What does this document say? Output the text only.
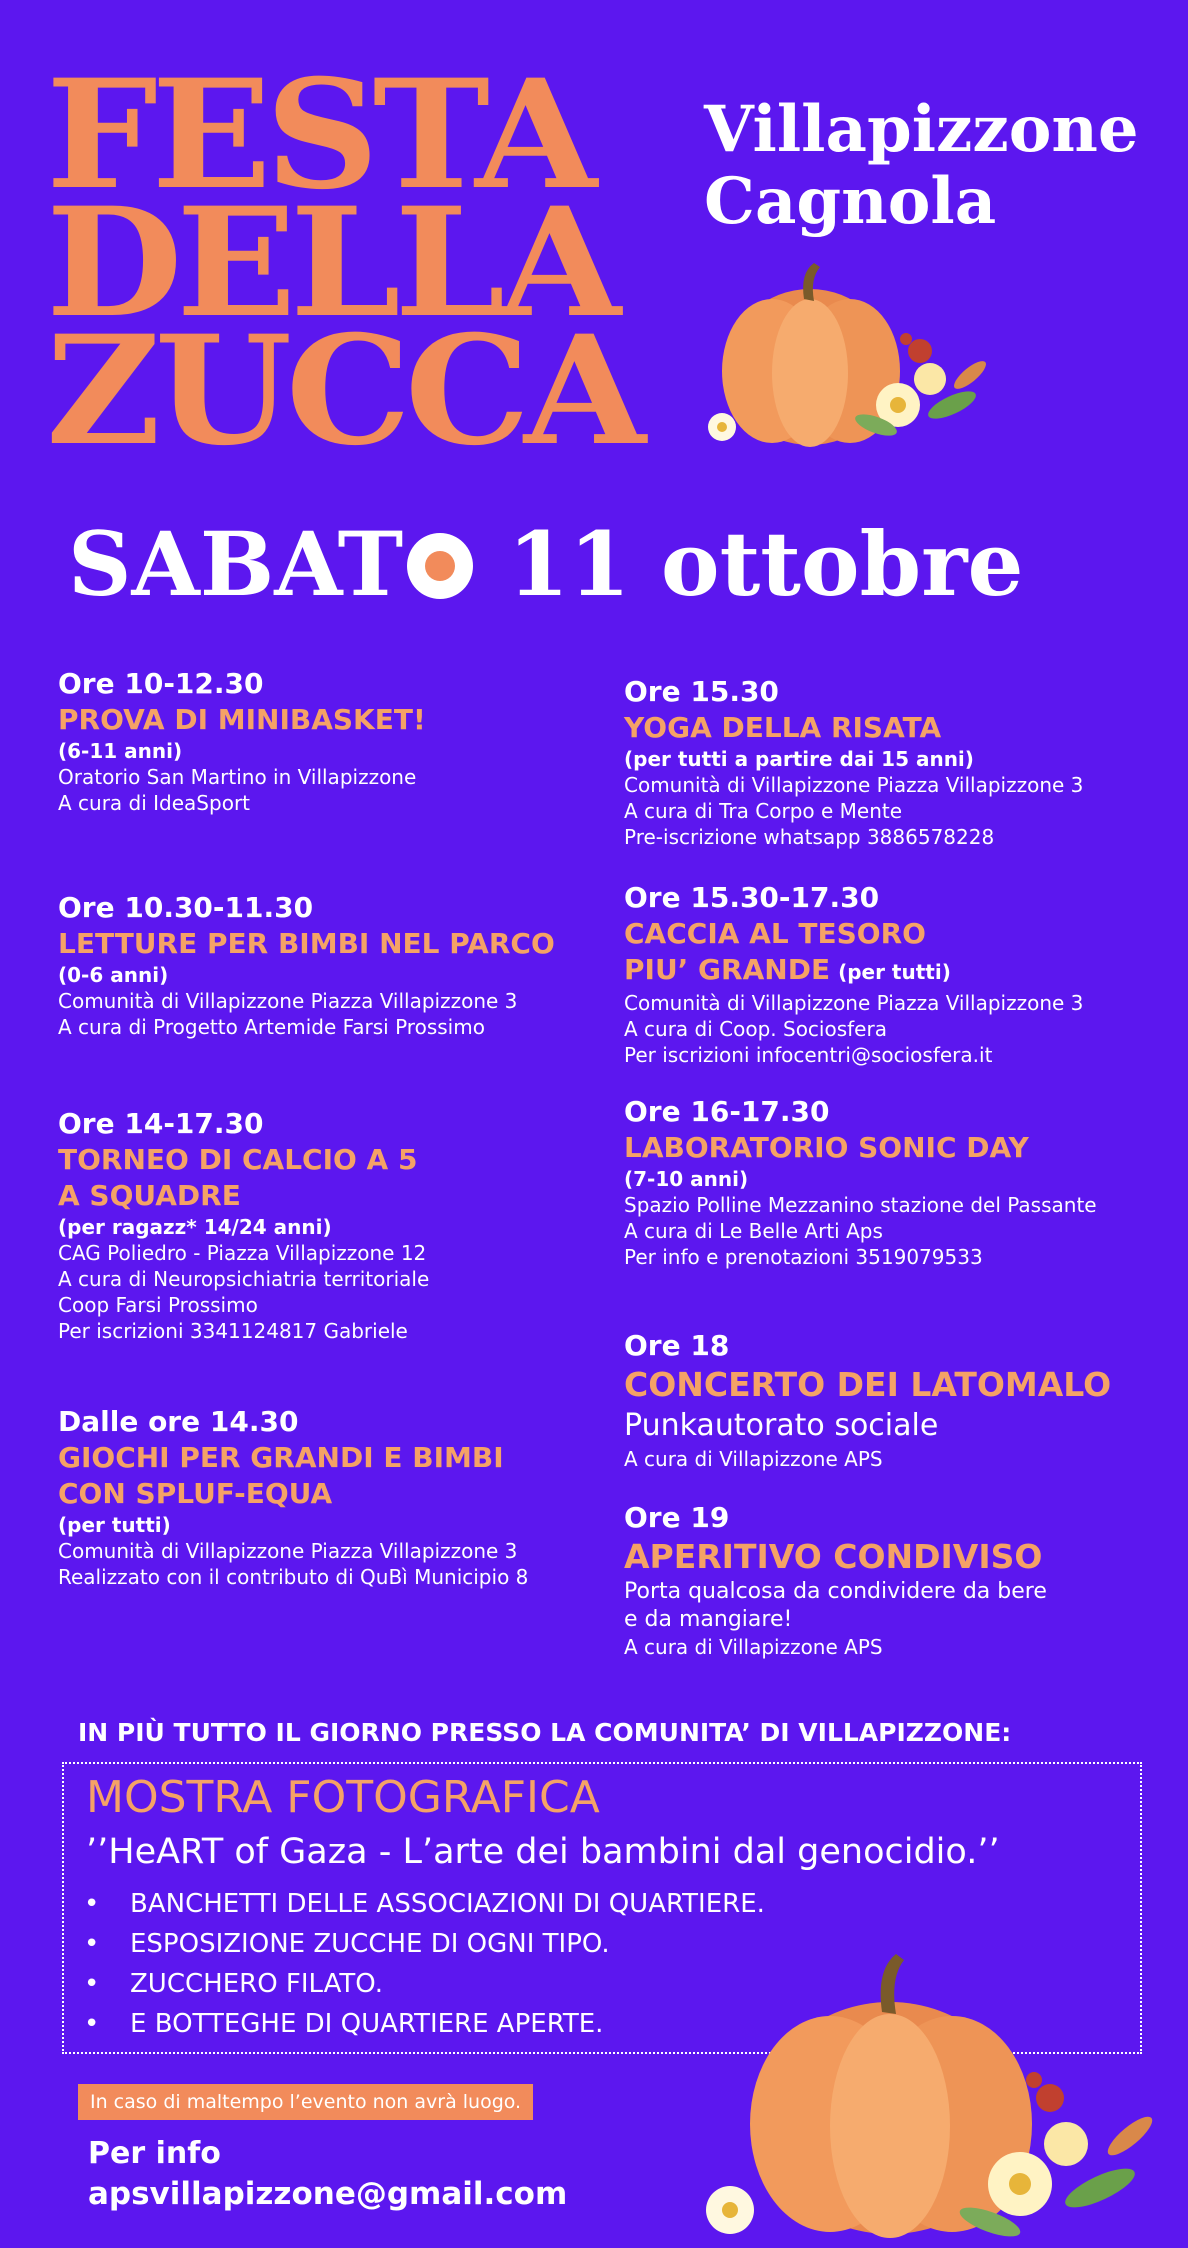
FESTA
DELLA
ZUCCA
Villapizzone
Cagnola
SABAT 11 ottobre
Ore 10-12.30
PROVA DI MINIBASKET!
(6-11 anni)
Oratorio San Martino in Villapizzone
A cura di IdeaSport
Ore 10.30-11.30
LETTURE PER BIMBI NEL PARCO
(0-6 anni)
Comunità di Villapizzone Piazza Villapizzone 3
A cura di Progetto Artemide Farsi Prossimo
Ore 14-17.30
TORNEO DI CALCIO A 5
A SQUADRE
(per ragazz* 14/24 anni)
CAG Poliedro - Piazza Villapizzone 12
A cura di Neuropsichiatria territoriale
Coop Farsi Prossimo
Per iscrizioni 3341124817 Gabriele
Dalle ore 14.30
GIOCHI PER GRANDI E BIMBI
CON SPLUF-EQUA
(per tutti)
Comunità di Villapizzone Piazza Villapizzone 3
Realizzato con il contributo di QuBì Municipio 8
Ore 15.30
YOGA DELLA RISATA
(per tutti a partire dai 15 anni)
Comunità di Villapizzone Piazza Villapizzone 3
A cura di Tra Corpo e Mente
Pre-iscrizione whatsapp 3886578228
Ore 15.30-17.30
CACCIA AL TESORO
PIU’ GRANDE (per tutti)
Comunità di Villapizzone Piazza Villapizzone 3
A cura di Coop. Sociosfera
Per iscrizioni infocentri@sociosfera.it
Ore 16-17.30
LABORATORIO SONIC DAY
(7-10 anni)
Spazio Polline Mezzanino stazione del Passante
A cura di Le Belle Arti Aps
Per info e prenotazioni 3519079533
Ore 18
CONCERTO DEI LATOMALO
Punkautorato sociale
A cura di Villapizzone APS
Ore 19
APERITIVO CONDIVISO
Porta qualcosa da condividere da bere
e da mangiare!
A cura di Villapizzone APS
IN PIÙ TUTTO IL GIORNO PRESSO LA COMUNITA’ DI VILLAPIZZONE:
MOSTRA FOTOGRAFICA
’’HeART of Gaza - L’arte dei bambini dal genocidio.’’
• BANCHETTI DELLE ASSOCIAZIONI DI QUARTIERE.
• ESPOSIZIONE ZUCCHE DI OGNI TIPO.
• ZUCCHERO FILATO.
• E BOTTEGHE DI QUARTIERE APERTE.
In caso di maltempo l’evento non avrà luogo.
Per info
apsvillapizzone@gmail.com
